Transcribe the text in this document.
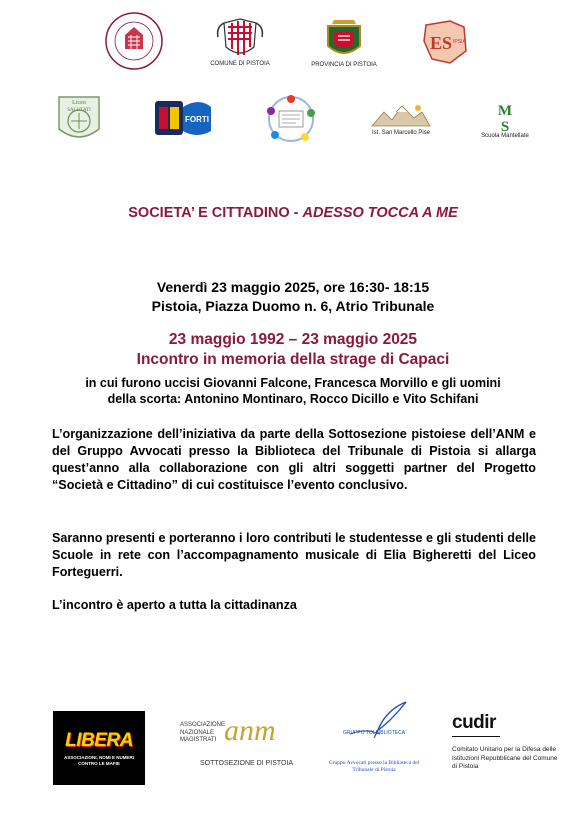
COMUNE DI PISTOIA	PROVINCIA DI PISTOIA
ES IPSIA
Liceo
SALUTATI
FORTI
Ist. San Marcello Pise
M
S
Scuola Mantellate
SOCIETA’ E CITTADINO - ADESSO TOCCA A ME
Venerdì 23 maggio 2025, ore 16:30- 18:15
Pistoia, Piazza Duomo n. 6, Atrio Tribunale
23 maggio 1992 – 23 maggio 2025
Incontro in memoria della strage di Capaci
in cui furono uccisi Giovanni Falcone, Francesca Morvillo e gli uomini
della scorta: Antonino Montinaro, Rocco Dicillo e Vito Schifani
L’organizzazione dell’iniziativa da parte della Sottosezione pistoiese dell’ANM e del Gruppo Avvocati presso la Biblioteca del Tribunale di Pistoia si allarga quest’anno alla collaborazione con gli altri soggetti partner del Progetto “Società e Cittadino” di cui costituisce l’evento conclusivo.
Saranno presenti e porteranno i loro contributi le studentesse e gli studenti delle Scuole in rete con l’accompagnamento musicale di Elia Bigheretti del Liceo Forteguerri.
L’incontro è aperto a tutta la cittadinanza
LIBERA
ASSOCIAZIONI, NOMI E NUMERI CONTRO LE MAFIE
ASSOCIAZIONE NAZIONALE MAGISTRATI anm
SOTTOSEZIONE DI PISTOIA
GRUPPO TOLBIBLIOTECA
Gruppo Avvocati presso la Biblioteca del Tribunale di Pistoia
cudir
Comitato Unitario per la Difesa delle Istituzioni Repubblicane del Comune di Pistoia
